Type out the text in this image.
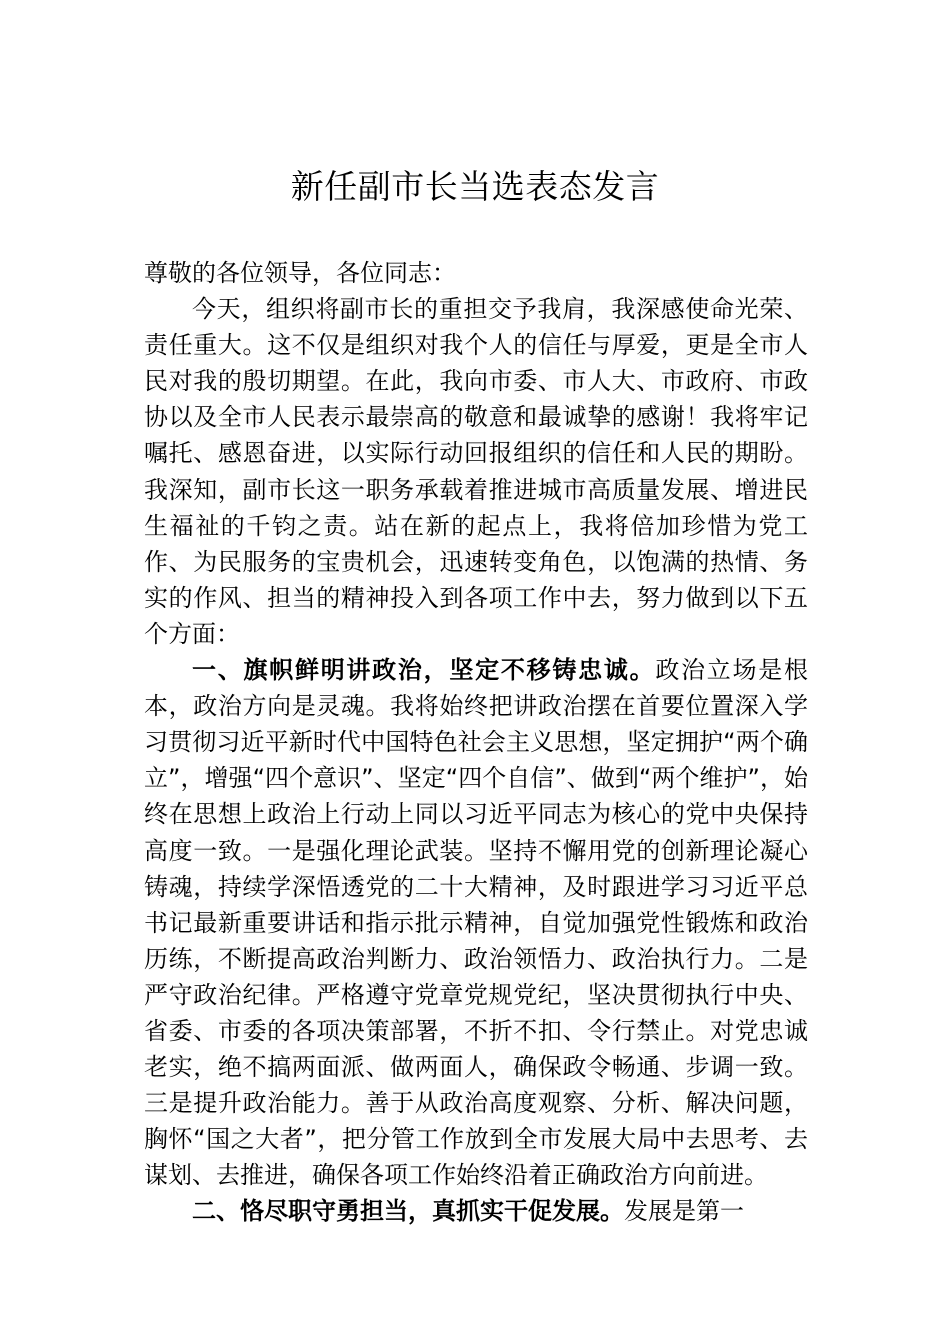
新任副市长当选表态发言

尊敬的各位领导，各位同志：

今天，组织将副市长的重担交予我肩，我深感使命光荣、责任重大。这不仅是组织对我个人的信任与厚爱，更是全市人民对我的殷切期望。在此，我向市委、市人大、市政府、市政协以及全市人民表示最崇高的敬意和最诚挚的感谢！我将牢记嘱托、感恩奋进，以实际行动回报组织的信任和人民的期盼。我深知，副市长这一职务承载着推进城市高质量发展、增进民生福祉的千钧之责。站在新的起点上，我将倍加珍惜为党工作、为民服务的宝贵机会，迅速转变角色，以饱满的热情、务实的作风、担当的精神投入到各项工作中去，努力做到以下五个方面：

一、旗帜鲜明讲政治，坚定不移铸忠诚。政治立场是根本，政治方向是灵魂。我将始终把讲政治摆在首要位置深入学习贯彻习近平新时代中国特色社会主义思想，坚定拥护“两个确立”，增强“四个意识”、坚定“四个自信”、做到“两个维护”，始终在思想上政治上行动上同以习近平同志为核心的党中央保持高度一致。一是强化理论武装。坚持不懈用党的创新理论凝心铸魂，持续学深悟透党的二十大精神，及时跟进学习习近平总书记最新重要讲话和指示批示精神，自觉加强党性锻炼和政治历练，不断提高政治判断力、政治领悟力、政治执行力。二是严守政治纪律。严格遵守党章党规党纪，坚决贯彻执行中央、省委、市委的各项决策部署，不折不扣、令行禁止。对党忠诚老实，绝不搞两面派、做两面人，确保政令畅通、步调一致。三是提升政治能力。善于从政治高度观察、分析、解决问题，胸怀“国之大者”，把分管工作放到全市发展大局中去思考、去谋划、去推进，确保各项工作始终沿着正确政治方向前进。

二、恪尽职守勇担当，真抓实干促发展。发展是第一
